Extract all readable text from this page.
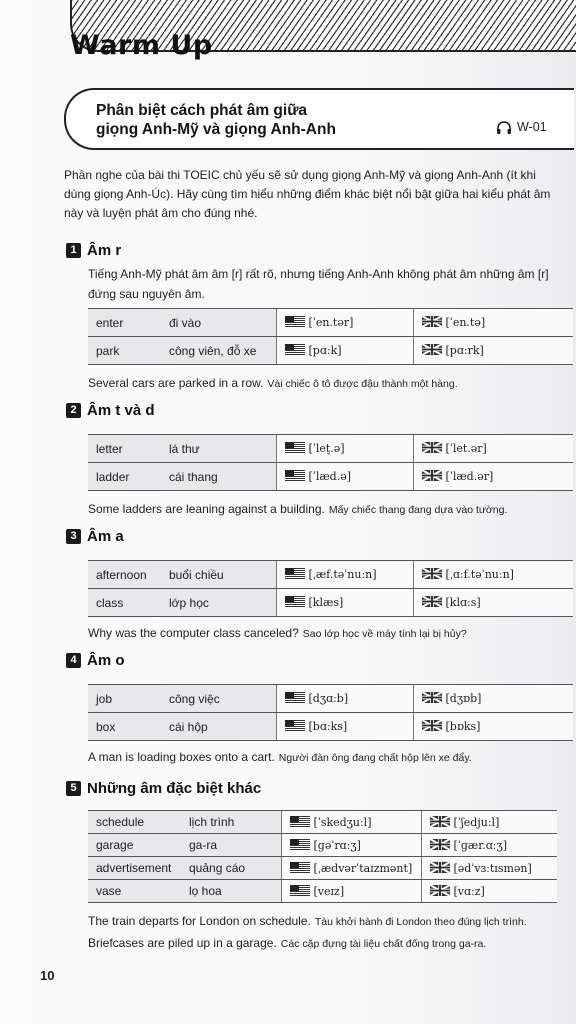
Warm Up
Phân biệt cách phát âm giữa
giọng Anh-Mỹ và giọng Anh-Anh	W-01
Phần nghe của bài thi TOEIC chủ yếu sẽ sử dụng giọng Anh-Mỹ và giọng Anh-Anh (ít khi dùng giọng Anh-Úc). Hãy cùng tìm hiểu những điểm khác biệt nổi bật giữa hai kiểu phát âm này và luyện phát âm cho đúng nhé.
1 Âm r
Tiếng Anh-Mỹ phát âm âm [r] rất rõ, nhưng tiếng Anh-Anh không phát âm những âm [r] đứng sau nguyên âm.
enter	đi vào	[ˈen.tər]	[ˈen.tə]
park	công viên, đỗ xe	[pɑːk]	[pɑːrk]
Several cars are parked in a row. Vài chiếc ô tô được đậu thành một hàng.
2 Âm t và d
letter	lá thư	[ˈlet̬.ə]	[ˈlet.ər]
ladder	cái thang	[ˈlæd.ə]	[ˈlæd.ər]
Some ladders are leaning against a building. Mấy chiếc thang đang dựa vào tường.
3 Âm a
afternoon	buổi chiều	[ˌæf.təˈnuːn]	[ˌɑːf.təˈnuːn]
class	lớp học	[klæs]	[klɑːs]
Why was the computer class canceled? Sao lớp học về máy tính lại bị hủy?
4 Âm o
job	công việc	[dʒɑːb]	[dʒɒb]
box	cái hộp	[bɑːks]	[bɒks]
A man is loading boxes onto a cart. Người đàn ông đang chất hộp lên xe đẩy.
5 Những âm đặc biệt khác
schedule	lịch trình	[ˈskedʒuːl]	[ˈʃedjuːl]
garage	ga-ra	[ɡəˈrɑːʒ]	[ˈɡær.ɑːʒ]
advertisement	quảng cáo	[ˌædvərˈtaɪzmənt]	[ədˈvɜːtɪsmən]
vase	lọ hoa	[veɪz]	[vɑːz]
The train departs for London on schedule. Tàu khởi hành đi London theo đúng lịch trình.
Briefcases are piled up in a garage. Các cặp đựng tài liệu chất đống trong ga-ra.
10
